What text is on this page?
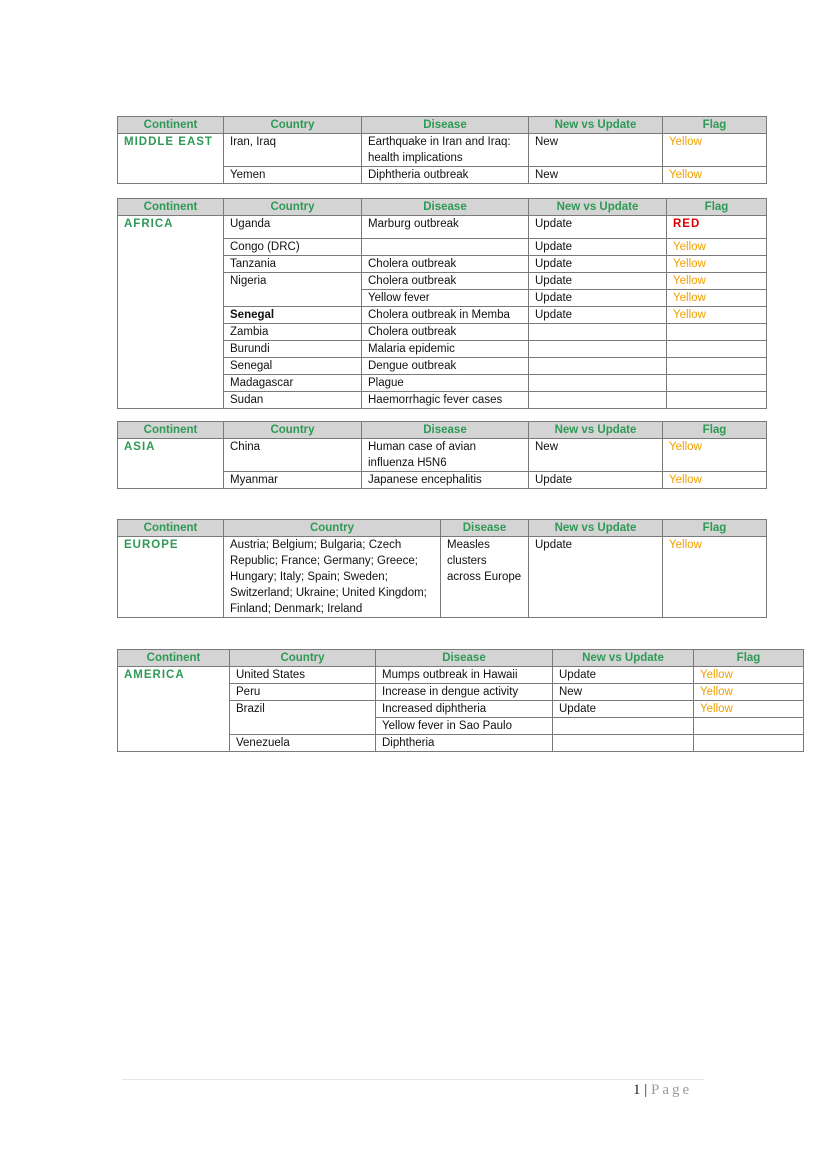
Continent	Country	Disease	New vs Update	Flag
MIDDLE EAST	Iran, Iraq	Earthquake in Iran and Iraq: health implications	New	Yellow
	Yemen	Diphtheria outbreak	New	Yellow
Continent	Country	Disease	New vs Update	Flag
AFRICA	Uganda	Marburg outbreak	Update	RED
	Congo (DRC)		Update	Yellow
	Tanzania	Cholera outbreak	Update	Yellow
	Nigeria	Cholera outbreak	Update	Yellow
		Yellow fever	Update	Yellow
	Senegal	Cholera outbreak in Memba	Update	Yellow
	Zambia	Cholera outbreak		
	Burundi	Malaria epidemic		
	Senegal	Dengue outbreak		
	Madagascar	Plague		
	Sudan	Haemorrhagic fever cases		
Continent	Country	Disease	New vs Update	Flag
ASIA	China	Human case of avian influenza H5N6	New	Yellow
	Myanmar	Japanese encephalitis	Update	Yellow
Continent	Country	Disease	New vs Update	Flag
EUROPE	Austria; Belgium; Bulgaria; Czech Republic; France; Germany; Greece; Hungary; Italy; Spain; Sweden; Switzerland; Ukraine; United Kingdom; Finland; Denmark; Ireland	Measles clusters across Europe	Update	Yellow
Continent	Country	Disease	New vs Update	Flag
AMERICA	United States	Mumps outbreak in Hawaii	Update	Yellow
	Peru	Increase in dengue activity	New	Yellow
	Brazil	Increased diphtheria	Update	Yellow
		Yellow fever in Sao Paulo		
	Venezuela	Diphtheria		
1 | Page
